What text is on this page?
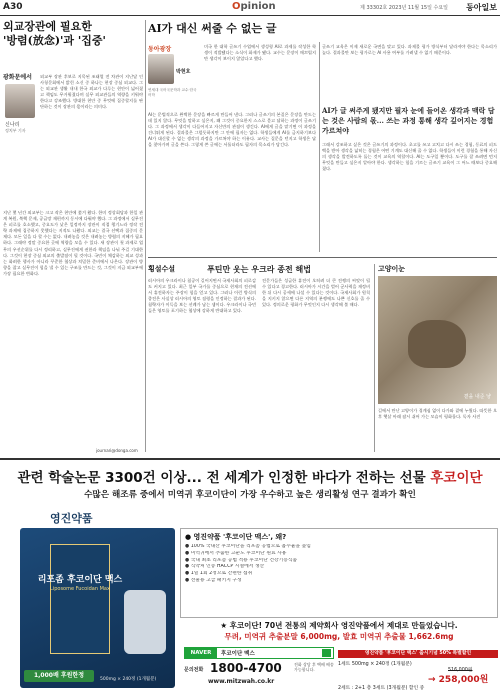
A30	Opinion	제 33302호 2023년 11월 15일 수요일 동아일보
외교장관에 필요한
'방렴(放念)'과 '집중'
광화문에서
신나리
정치부 기자
외교부 장관 후보로 지목된 조태열 전 차관이 지난달 인사청문회에서 밝힌 소신 중 하나는 현장 중심 외교다. 그는 외교관 생활 내내 한국 외교가 다루는 현안이 넓어졌고 책임도 무거워졌다며 실무 외교관들의 역량을 키워야 한다고 강조했다. 방대한 현안 중 무엇에 집중할지를 판단하는 것이 장관의 몫이라는 의미다.
지난 몇 년간 외교부는 크고 작은 현안에 쫓겨 왔다. 한미 정상회담과 한일 관계 복원, 북핵 문제, 공급망 재편까지 동시에 다뤄야 했다. 그 과정에서 실무진은 피로를 호소했고, 중요도가 낮은 일정까지 장관이 직접 챙기느라 정작 전략 과제에 집중하지 못했다는 지적도 나왔다. 외교는 결국 선택과 집중의 문제다. 모든 일을 다 할 수는 없다. 내려놓을 것은 내려놓는 방렴의 지혜가 필요하다. 그래야 정말 중요한 곳에 역량을 모을 수 있다. 새 장관이 첫 과제로 업무의 우선순위를 다시 정리하고, 실무진에게 권한과 책임을 나눠 주길 기대한다. 그것이 현장 중심 외교의 출발점이 될 것이다. 국민이 체감하는 외교 성과는 화려한 행사가 아니라 꾸준한 협상과 치밀한 준비에서 나온다. 장관이 방향을 잡고 실무진이 힘을 낼 수 있는 구조를 만드는 것, 그것이 지금 외교부에 가장 필요한 변화다.
journari@donga.com
AI가 대신 써줄 수 없는 글
동아광장
박현호
연세대 국어국문학과 교수·한국어학
미국 한 대학 글쓰기 수업에서 생성형 AI로 과제를 작성한 학생이 적발됐다는 소식이 화제가 됐다. 교수는 문장이 매끄럽지만 생각이 보이지 않았다고 했다.
AI는 문법적으로 완벽한 문장을 빠르게 만들어 낸다. 그러나 글쓰기의 본질은 문장을 만드는 데 있지 않다. 무엇을 말하고 싶은지, 왜 그것이 중요한지 스스로 묻고 답하는 과정이 글쓰기다. 그 과정에서 생각이 다듬어지고 자신만의 관점이 생긴다. AI에게 글을 맡기면 이 과정을 건너뛰게 된다. 결과물은 그럴듯하지만 그 안에 필자는 없다. 학생들에게 AI를 금지하기보다 AI가 대신할 수 없는 생각의 과정을 가르쳐야 하는 이유다. 교사는 질문을 던지고 학생은 답을 찾아가며 글을 쓴다. 그렇게 쓴 글에는 서툴더라도 필자의 목소리가 담긴다.
글쓰기 교육은 이제 새로운 국면을 맞고 있다. 과제물 평가 방식부터 달라져야 한다는 목소리가 높다. 결과물만 보는 평가로는 AI 사용 여부를 가려낼 수 없기 때문이다.
AI가 글 써주게 됐지만 필자 눈에 들어온 생각과 맥락 담는 것은 사람의 몫... 쓰는 과정 통해 생각 깊어지는 경험 가르쳐야
그래서 강조하고 싶은 것은 글쓰기의 과정이다. 초고를 쓰고 고치고 다시 쓰는 경험, 동료의 피드백을 받아 생각을 넓히는 경험은 어떤 기계도 대신해 줄 수 없다. 학생들이 이런 경험을 통해 자신의 생각을 발견하도록 돕는 것이 교육의 역할이다. AI는 도구일 뿐이다. 도구를 잘 쓰려면 먼저 무엇을 만들고 싶은지 알아야 한다. 생각하는 힘을 기르는 글쓰기 교육이 그 어느 때보다 중요해졌다.
푸틴만 웃는 우크라 종전 해법
횡설수설
러시아의 우크라이나 침공이 길어지면서 국제사회의 피로감도 커지고 있다. 최근 일부 국가를 중심으로 현재의 전선에서 휴전하자는 주장이 힘을 얻고 있다. 그러나 이런 방식의 종전은 사실상 러시아의 영토 점령을 인정하는 결과가 된다. 침략자가 이득을 보는 선례가 남는 셈이다. 우크라이나 국민들은 영토를 포기하는 협상에 강하게 반대하고 있다.
전문가들은 성급한 휴전이 오히려 더 큰 전쟁의 씨앗이 될 수 있다고 경고한다. 러시아가 시간을 벌어 군사력을 재정비한 뒤 다시 공세에 나설 수 있다는 것이다. 국제사회가 원칙을 지키지 않으면 다른 지역의 분쟁에도 나쁜 신호를 줄 수 있다. 정의로운 평화가 무엇인지 다시 생각해 볼 때다.
고양이눈
곁을 내준 냥
길에서 만난 고양이가 경계심 없이 다가와 곁에 누웠다. 따뜻한 오후 햇살 아래 잠시 쉬어 가는 모습이 평화롭다. 독자 사진
관련 학술논문 3300건 이상... 전 세계가 인정한 바다가 전하는 선물 후코이단
수많은 해조류 중에서 미역귀 후코이단이 가장 우수하고 높은 생리활성 연구 결과가 확인
영진약품
리포좀 후코이단 맥스
Liposome Fucoidan Max
1,000배 후원한정
500mg × 240정 (1개월분)
● 영진약품 '후코이단 맥스', 왜?
● 100% 국내산 후코이단을 리포좀 공법으로 흡수율을 높임
● 미역귀에서 추출한 고순도 후코이단 원료 사용
● 국내 최초 리포좀 공법 적용 후코이단 건강기능식품
● 식약처 인증 HACCP 시설에서 생산
● 1일 1회 2정으로 간편한 섭취
● 선물용 고급 패키지 구성
★ 후코이단! 70년 전통의 제약회사 영진약품에서 제대로 만들었습니다.
무려, 미역귀 추출분말 6,000mg, 발효 미역귀 추출물 1,662.6mg
NAVER	후코이단 맥스	영진약품 '후코이단 맥스' 출시기념 50% 특별할인
1세트 500mg × 240정 (1개월분)
516,000원
→ 258,000원
2세트 : 2+1 총 3세트 (3개월분) 할인 중
문의전화 1800-4700
www.mitzwah.co.kr
전화 상담 후 택배 배송 가능합니다.
